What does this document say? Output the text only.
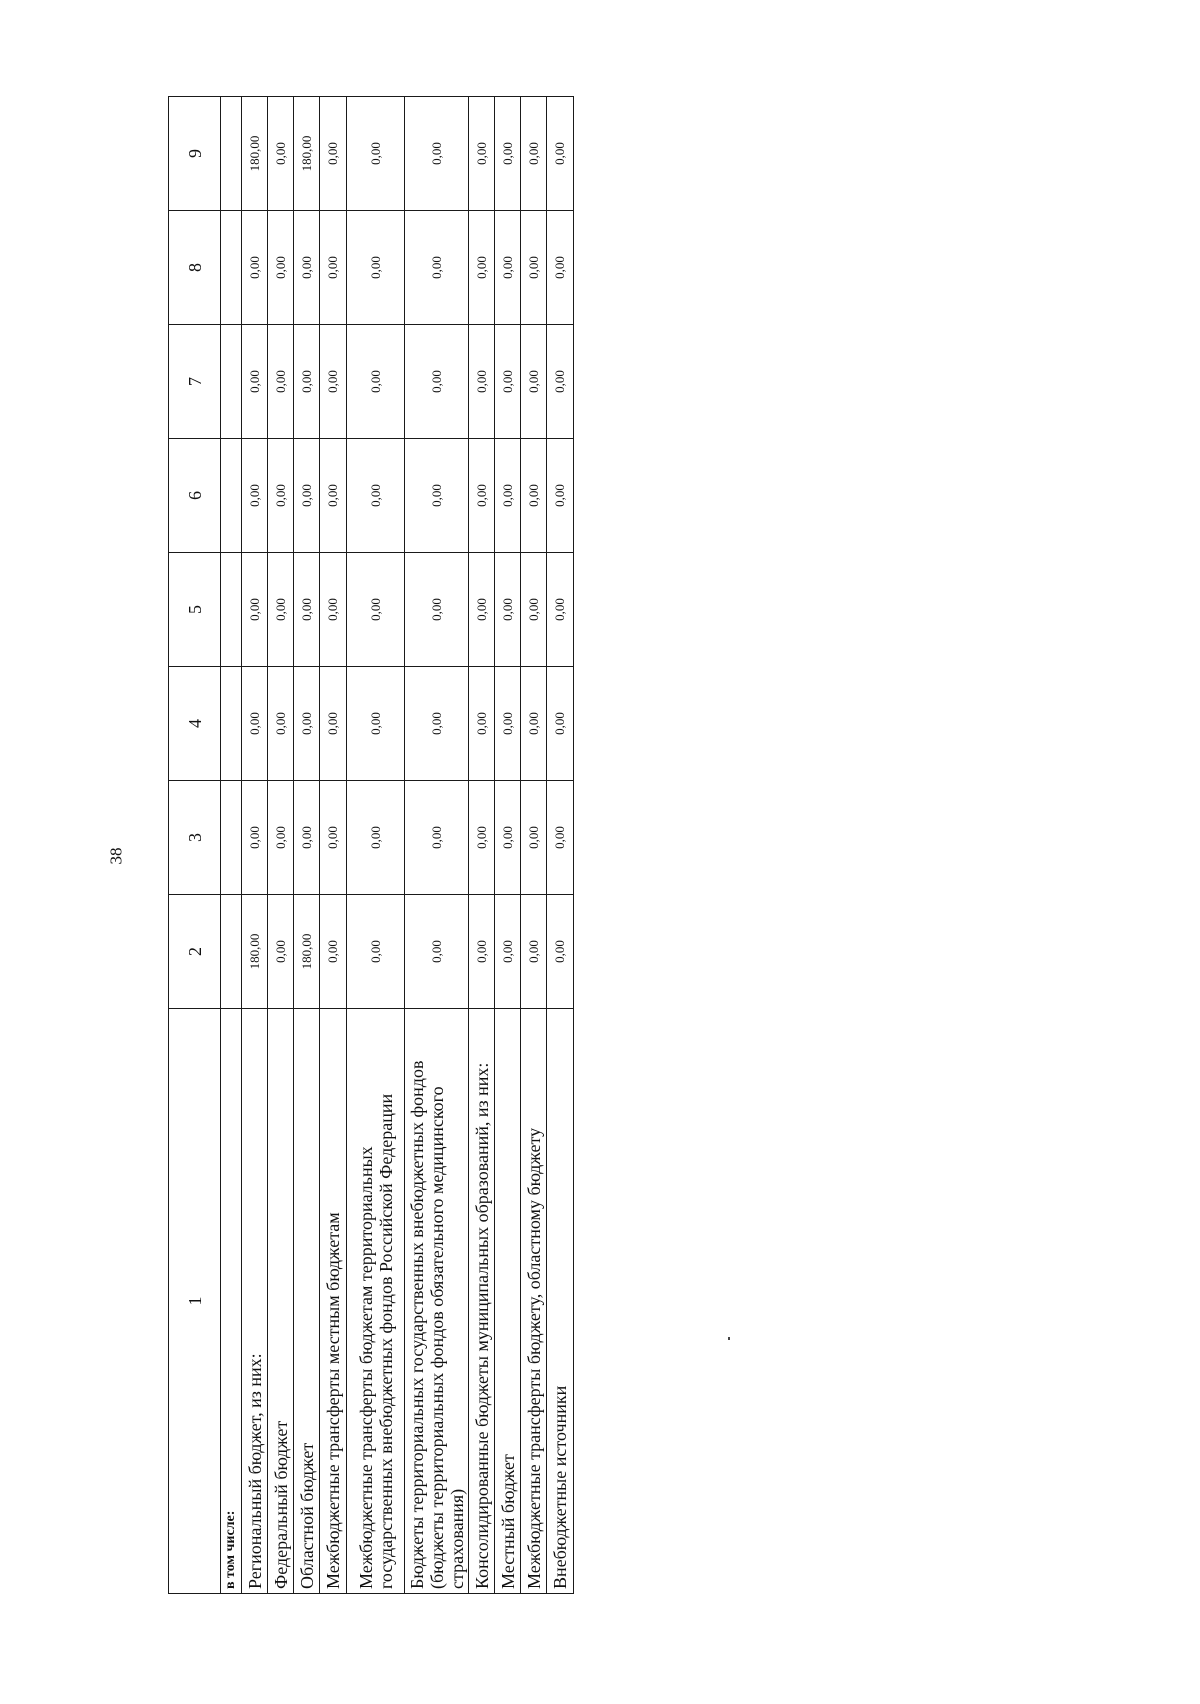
38
1	2	3	4	5	6	7	8	9
в том числе:								
Региональный бюджет, из них:	180,00	0,00	0,00	0,00	0,00	0,00	0,00	180,00
Федеральный бюджет	0,00	0,00	0,00	0,00	0,00	0,00	0,00	0,00
Областной бюджет	180,00	0,00	0,00	0,00	0,00	0,00	0,00	180,00
Межбюджетные трансферты местным бюджетам	0,00	0,00	0,00	0,00	0,00	0,00	0,00	0,00
Межбюджетные трансферты бюджетам территориальных государственных внебюджетных фондов Российской Федерации	0,00	0,00	0,00	0,00	0,00	0,00	0,00	0,00
Бюджеты территориальных государственных внебюджетных фондов (бюджеты территориальных фондов обязательного медицинского страхования)	0,00	0,00	0,00	0,00	0,00	0,00	0,00	0,00
Консолидированные бюджеты муниципальных образований, из них:	0,00	0,00	0,00	0,00	0,00	0,00	0,00	0,00
Местный бюджет	0,00	0,00	0,00	0,00	0,00	0,00	0,00	0,00
Межбюджетные трансферты бюджету, областному бюджету	0,00	0,00	0,00	0,00	0,00	0,00	0,00	0,00
Внебюджетные источники	0,00	0,00	0,00	0,00	0,00	0,00	0,00	0,00
